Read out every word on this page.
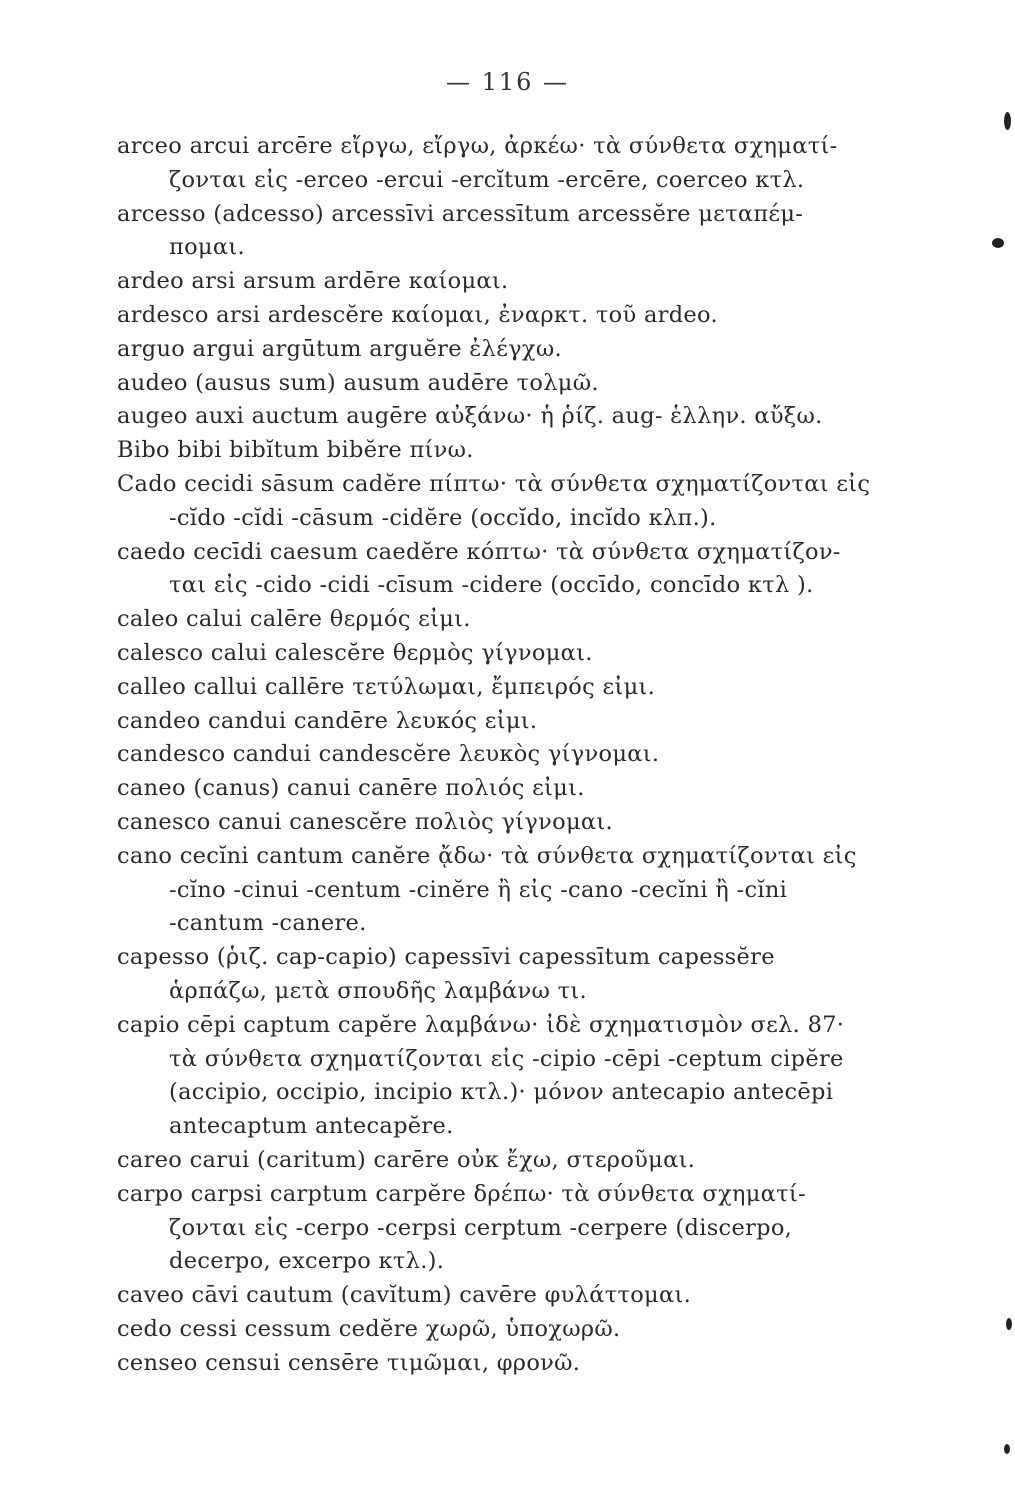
— 116 —
arceo arcui arcēre εἴργω, εἴργω, ἀρκέω· τὰ σύνθετα σχηματί-
ζονται εἰς -erceo -ercui -ercĭtum -ercēre, coerceo κτλ.
arcesso (adcesso) arcessīvi arcessītum arcessĕre μεταπέμ-
πομαι.
ardeo arsi arsum ardēre καίομαι.
ardesco arsi ardescĕre καίομαι, ἐναρκτ. τοῦ ardeo.
arguo argui argūtum arguĕre ἐλέγχω.
audeo (ausus sum) ausum audēre τολμῶ.
augeo auxi auctum augēre αὐξάνω· ἡ ῥίζ. aug- ἑλλην. αὔξω.
Bibo bibi bibĭtum bibĕre πίνω.
Cado cecidi sāsum cadĕre πίπτω· τὰ σύνθετα σχηματίζονται εἰς
-cĭdo -cĭdi -cāsum -cidĕre (occĭdo, incĭdo κλπ.).
caedo cecīdi caesum caedĕre κόπτω· τὰ σύνθετα σχηματίζον-
ται εἰς -cido -cidi -cīsum -cidere (occīdo, concīdo κτλ ).
caleo calui calēre θερμός εἰμι.
calesco calui calescĕre θερμὸς γίγνομαι.
calleo callui callēre τετύλωμαι, ἔμπειρός εἰμι.
candeo candui candēre λευκός εἰμι.
candesco candui candescĕre λευκὸς γίγνομαι.
caneo (canus) canui canēre πολιός εἰμι.
canesco canui canescĕre πολιὸς γίγνομαι.
cano cecĭni cantum canĕre ᾄδω· τὰ σύνθετα σχηματίζονται εἰς
-cĭno -cinui -centum -cinĕre ἢ εἰς -cano -cecĭni ἢ -cĭni
-cantum -canere.
capesso (ῥιζ. cap-capio) capessīvi capessītum capessĕre
ἁρπάζω, μετὰ σπουδῆς λαμβάνω τι.
capio cēpi captum capĕre λαμβάνω· ἰδὲ σχηματισμὸν σελ. 87·
τὰ σύνθετα σχηματίζονται εἰς -cipio -cēpi -ceptum cipĕre
(accipio, occipio, incipio κτλ.)· μόνον antecapio antecēpi
antecaptum antecapĕre.
careo carui (caritum) carēre οὐκ ἔχω, στεροῦμαι.
carpo carpsi carptum carpĕre δρέπω· τὰ σύνθετα σχηματί-
ζονται εἰς -cerpo -cerpsi cerptum -cerpere (discerpo,
decerpo, excerpo κτλ.).
caveo cāvi cautum (cavĭtum) cavēre φυλάττομαι.
cedo cessi cessum cedĕre χωρῶ, ὑποχωρῶ.
censeo censui censēre τιμῶμαι, φρονῶ.
